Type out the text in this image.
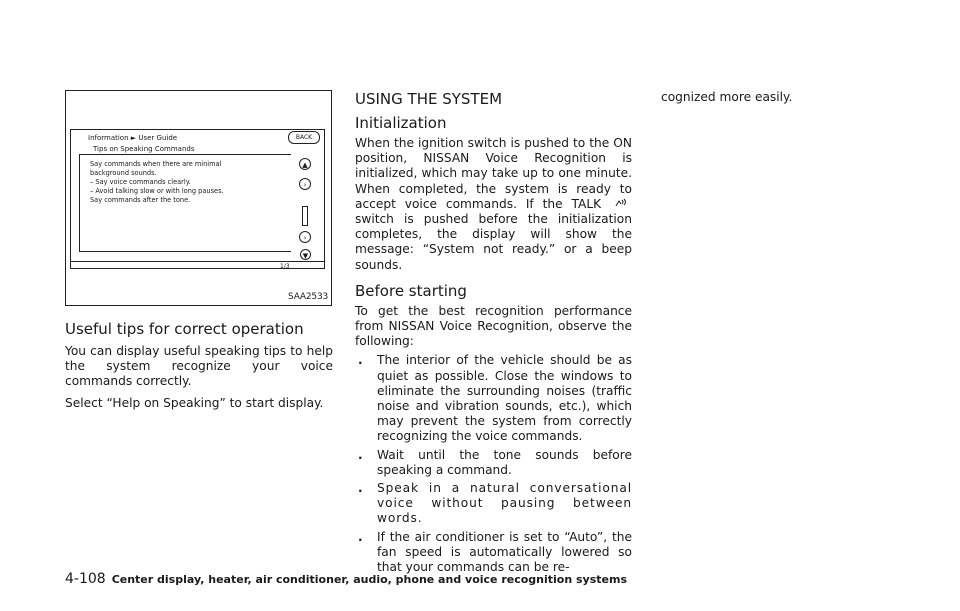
Information ► User Guide	BACK
Tips on Speaking Commands
Say commands when there are minimal
background sounds.
– Say voice commands clearly.
– Avoid talking slow or with long pauses.
Say commands after the tone.
1/3
▲
›
›
▼
SAA2533
Useful tips for correct operation

You can display useful speaking tips to help the system recognize your voice commands correctly.

Select “Help on Speaking” to start display.

USING THE SYSTEM
Initialization

When the ignition switch is pushed to the ON position, NISSAN Voice Recognition is initialized, which may take up to one minute. When completed, the system is ready to accept voice commands. If the TALK  switch is pushed before the initialization completes, the display will show the message: “System not ready.” or a beep sounds.

Before starting

To get the best recognition performance from NISSAN Voice Recognition, observe the following:

. The interior of the vehicle should be as quiet as possible. Close the windows to eliminate the surrounding noises (traffic noise and vibration sounds, etc.), which may prevent the system from correctly recognizing the voice commands.
. Wait until the tone sounds before speaking a command.
. Speak in a natural conversational voice without pausing between words.
. If the air conditioner is set to “Auto”, the fan speed is automatically lowered so that your commands can be re-

cognized more easily.

4-108 Center display, heater, air conditioner, audio, phone and voice recognition systems
